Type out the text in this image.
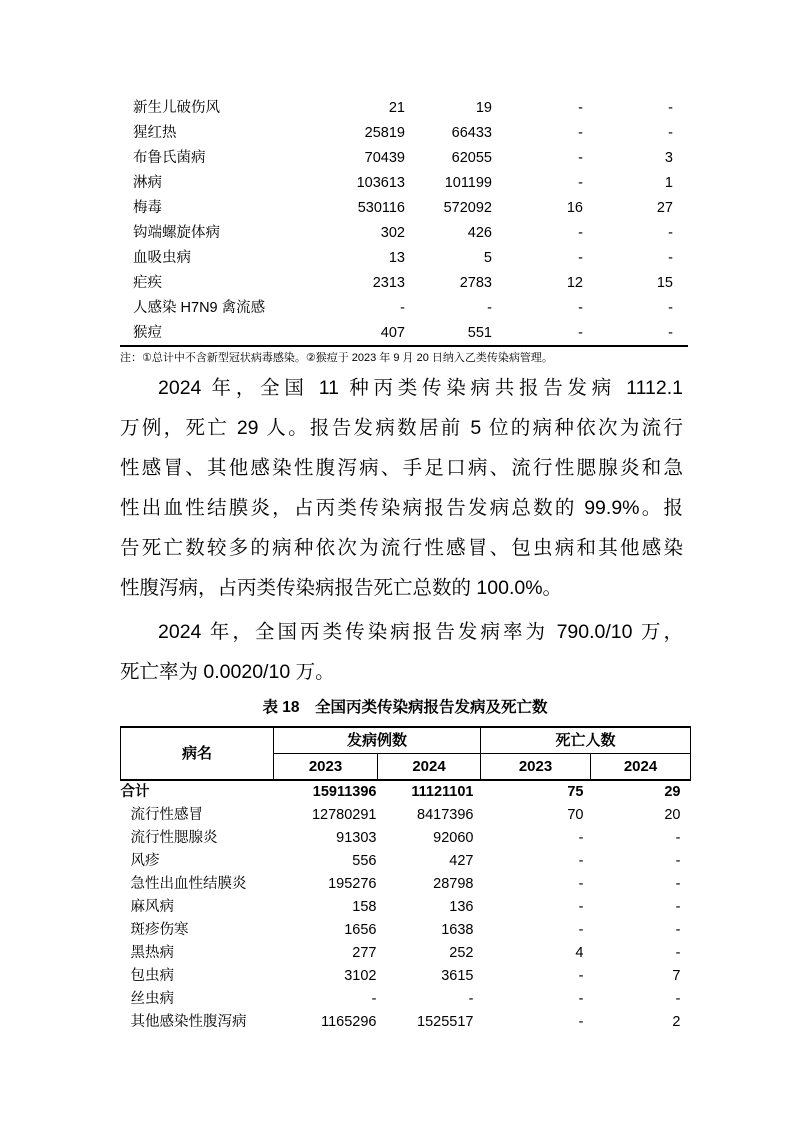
新生儿破伤风	21	19	-	-
猩红热	25819	66433	-	-
布鲁氏菌病	70439	62055	-	3
淋病	103613	101199	-	1
梅毒	530116	572092	16	27
钩端螺旋体病	302	426	-	-
血吸虫病	13	5	-	-
疟疾	2313	2783	12	15
人感染 H7N9 禽流感	-	-	-	-
猴痘	407	551	-	-
注：①总计中不含新型冠状病毒感染。②猴痘于 2023 年 9 月 20 日纳入乙类传染病管理。
2024 年，全国 11 种丙类传染病共报告发病 1112.1
万例，死亡 29 人。报告发病数居前 5 位的病种依次为流行
性感冒、其他感染性腹泻病、手足口病、流行性腮腺炎和急
性出血性结膜炎，占丙类传染病报告发病总数的 99.9%。报
告死亡数较多的病种依次为流行性感冒、包虫病和其他感染
性腹泻病，占丙类传染病报告死亡总数的 100.0%。
2024 年，全国丙类传染病报告发病率为 790.0/10 万，
死亡率为 0.0020/10 万。
表 18　全国丙类传染病报告发病及死亡数
病名	发病例数		死亡人数	
	2023	2024	2023	2024
合计	15911396	11121101	75	29
流行性感冒	12780291	8417396	70	20
流行性腮腺炎	91303	92060	-	-
风疹	556	427	-	-
急性出血性结膜炎	195276	28798	-	-
麻风病	158	136	-	-
斑疹伤寒	1656	1638	-	-
黑热病	277	252	4	-
包虫病	3102	3615	-	7
丝虫病	-	-	-	-
其他感染性腹泻病	1165296	1525517	-	2
